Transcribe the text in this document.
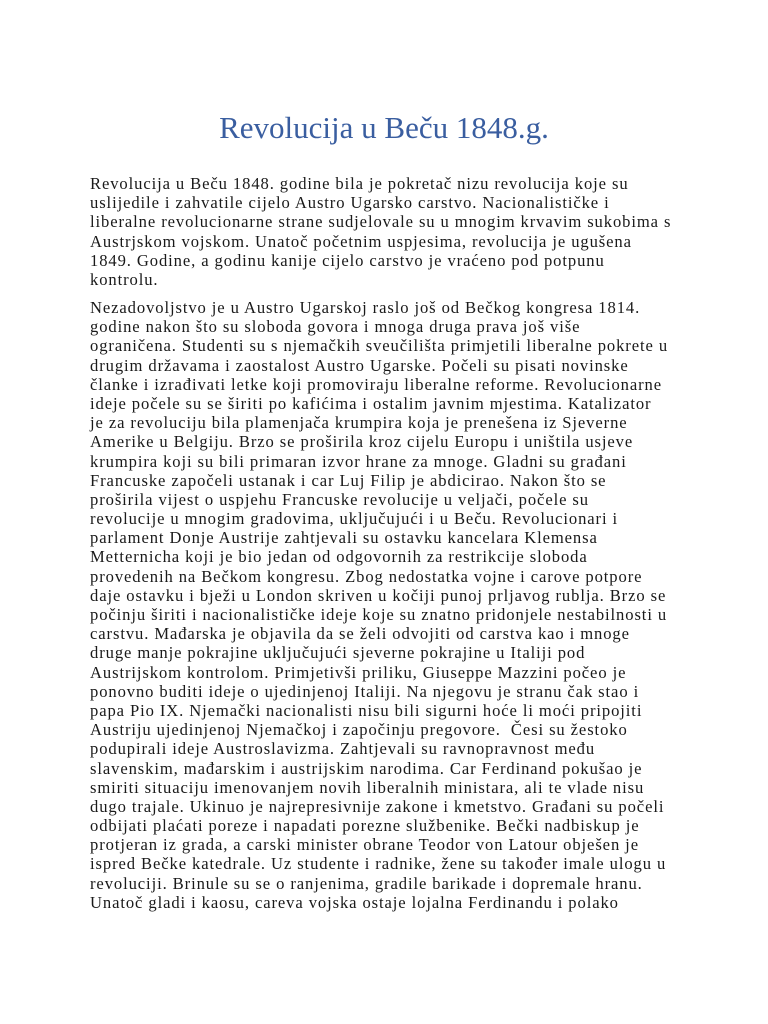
Revolucija u Beču 1848.g.
Revolucija u Beču 1848. godine bila je pokretač nizu revolucija koje su
uslijedile i zahvatile cijelo Austro Ugarsko carstvo. Nacionalističke i
liberalne revolucionarne strane sudjelovale su u mnogim krvavim sukobima s
Austrjskom vojskom. Unatoč početnim uspjesima, revolucija je ugušena
1849. Godine, a godinu kanije cijelo carstvo je vraćeno pod potpunu
kontrolu.
Nezadovoljstvo je u Austro Ugarskoj raslo još od Bečkog kongresa 1814.
godine nakon što su sloboda govora i mnoga druga prava još više
ograničena. Studenti su s njemačkih sveučilišta primjetili liberalne pokrete u
drugim državama i zaostalost Austro Ugarske. Počeli su pisati novinske
članke i izrađivati letke koji promoviraju liberalne reforme. Revolucionarne
ideje počele su se širiti po kafićima i ostalim javnim mjestima. Katalizator
je za revoluciju bila plamenjača krumpira koja je prenešena iz Sjeverne
Amerike u Belgiju. Brzo se proširila kroz cijelu Europu i uništila usjeve
krumpira koji su bili primaran izvor hrane za mnoge. Gladni su građani
Francuske započeli ustanak i car Luj Filip je abdicirao. Nakon što se
proširila vijest o uspjehu Francuske revolucije u veljači, počele su
revolucije u mnogim gradovima, uključujući i u Beču. Revolucionari i
parlament Donje Austrije zahtjevali su ostavku kancelara Klemensa
Metternicha koji je bio jedan od odgovornih za restrikcije sloboda
provedenih na Bečkom kongresu. Zbog nedostatka vojne i carove potpore
daje ostavku i bježi u London skriven u kočiji punoj prljavog rublja. Brzo se
počinju širiti i nacionalističke ideje koje su znatno pridonjele nestabilnosti u
carstvu. Mađarska je objavila da se želi odvojiti od carstva kao i mnoge
druge manje pokrajine uključujući sjeverne pokrajine u Italiji pod
Austrijskom kontrolom. Primjetivši priliku, Giuseppe Mazzini počeo je
ponovno buditi ideje o ujedinjenoj Italiji. Na njegovu je stranu čak stao i
papa Pio IX. Njemački nacionalisti nisu bili sigurni hoće li moći pripojiti
Austriju ujedinjenoj Njemačkoj i započinju pregovore.  Česi su žestoko
podupirali ideje Austroslavizma. Zahtjevali su ravnopravnost među
slavenskim, mađarskim i austrijskim narodima. Car Ferdinand pokušao je
smiriti situaciju imenovanjem novih liberalnih ministara, ali te vlade nisu
dugo trajale. Ukinuo je najrepresivnije zakone i kmetstvo. Građani su počeli
odbijati plaćati poreze i napadati porezne službenike. Bečki nadbiskup je
protjeran iz grada, a carski minister obrane Teodor von Latour obješen je
ispred Bečke katedrale. Uz studente i radnike, žene su također imale ulogu u
revoluciji. Brinule su se o ranjenima, gradile barikade i dopremale hranu.
Unatoč gladi i kaosu, careva vojska ostaje lojalna Ferdinandu i polako
